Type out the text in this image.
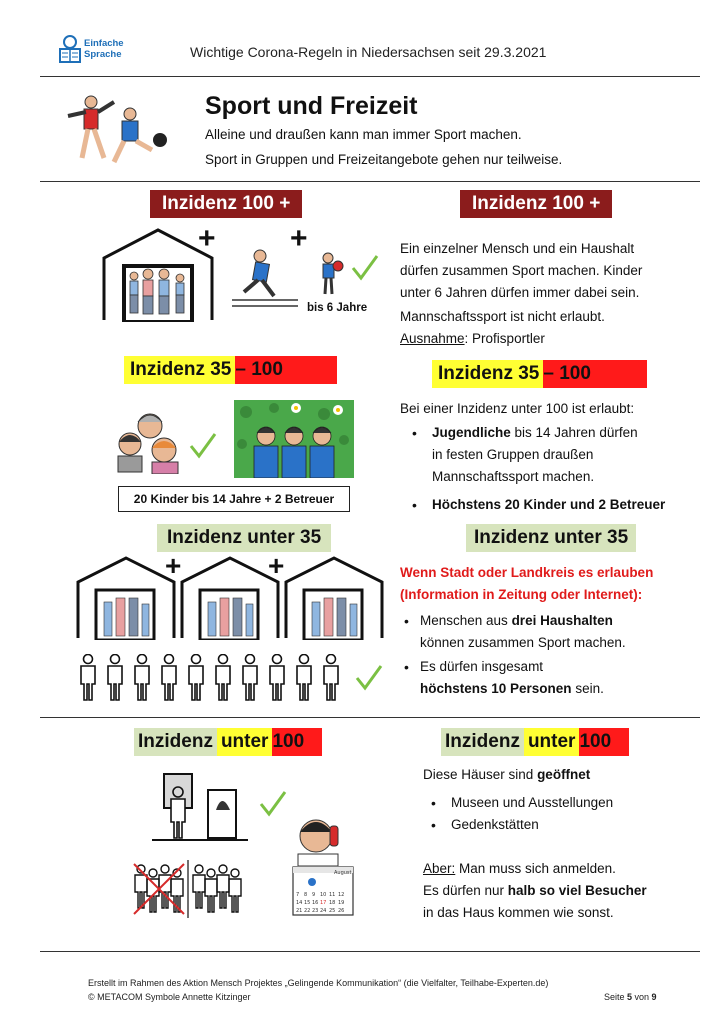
Einfache
Sprache	Wichtige Corona-Regeln in Niedersachsen seit 29.3.2021
Sport und Freizeit
Alleine und draußen kann man immer Sport machen.
Sport in Gruppen und Freizeitangebote gehen nur teilweise.
Inzidenz 100 +	Inzidenz 100 +
+ +
bis 6 Jahre
Ein einzelner Mensch und ein Haushalt
dürfen zusammen Sport machen. Kinder
unter 6 Jahren dürfen immer dabei sein.
Mannschaftssport ist nicht erlaubt.
Ausnahme: Profisportler
Inzidenz 35 – 100	Inzidenz 35 – 100
20 Kinder bis 14 Jahre + 2 Betreuer
Bei einer Inzidenz unter 100 ist erlaubt:
• Jugendliche bis 14 Jahren dürfen
in festen Gruppen draußen
Mannschaftssport machen.
• Höchstens 20 Kinder und 2 Betreuer
Inzidenz unter 35	Inzidenz unter 35
+	+	Wenn Stadt oder Landkreis es erlauben
(Information in Zeitung oder Internet):
• Menschen aus drei Haushalten
können zusammen Sport machen.
• Es dürfen insgesamt
höchstens 10 Personen sein.
Inzidenz unter 100	Inzidenz unter 100
August
7 8 9 10 11 12
14 15 16 17 18 19
21 22 23 24 25 26
Diese Häuser sind geöffnet
• Museen und Ausstellungen
• Gedenkstätten
Aber: Man muss sich anmelden.
Es dürfen nur halb so viel Besucher
in das Haus kommen wie sonst.
Erstellt im Rahmen des Aktion Mensch Projektes „Gelingende Kommunikation“ (die Vielfalter, Teilhabe-Experten.de)
© METACOM Symbole Annette Kitzinger	Seite 5 von 9
